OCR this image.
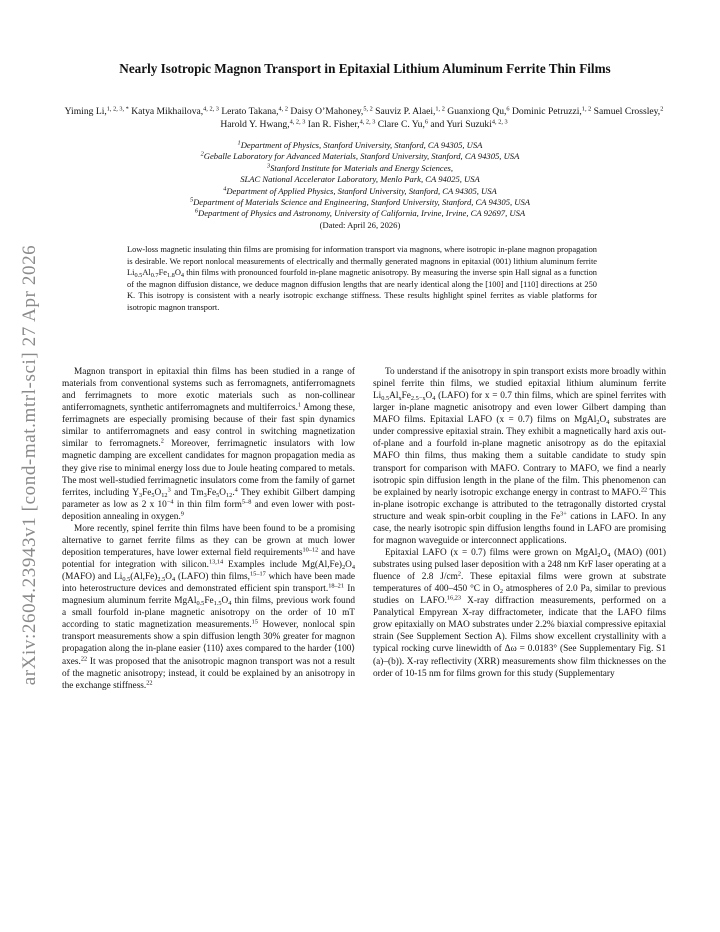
arXiv:2604.23943v1 [cond-mat.mtrl-sci] 27 Apr 2026
Nearly Isotropic Magnon Transport in Epitaxial Lithium Aluminum Ferrite Thin Films
Yiming Li,$^{1, 2, 3, *}$ Katya Mikhailova,$^{4, 2, 3}$ Lerato Takana,$^{4, 2}$ Daisy O’Mahoney,$^{5, 2}$ Sauviz P. Alaei,$^{1, 2}$ Guanxiong Qu,$^6$ Dominic Petruzzi,$^{1, 2}$ Samuel Crossley,$^2$ Harold Y. Hwang,$^{4, 2, 3}$ Ian R. Fisher,$^{4, 2, 3}$ Clare C. Yu,$^6$ and Yuri Suzuki$^{4, 2, 3}$
$^1$Department of Physics, Stanford University, Stanford, CA 94305, USA
$^2$Geballe Laboratory for Advanced Materials, Stanford University, Stanford, CA 94305, USA
$^3$Stanford Institute for Materials and Energy Sciences,
SLAC National Accelerator Laboratory, Menlo Park, CA 94025, USA
$^4$Department of Applied Physics, Stanford University, Stanford, CA 94305, USA
$^5$Department of Materials Science and Engineering, Stanford University, Stanford, CA 94305, USA
$^6$Department of Physics and Astronomy, University of California, Irvine, Irvine, CA 92697, USA
(Dated: April 26, 2026)
Low-loss magnetic insulating thin films are promising for information transport via magnons, where isotropic in-plane magnon propagation is desirable. We report nonlocal measurements of electrically and thermally generated magnons in epitaxial (001) lithium aluminum ferrite $Li_{0.5}Al_{0.7}Fe_{1.8}O_4$ thin films with pronounced fourfold in-plane magnetic anisotropy. By measuring the inverse spin Hall signal as a function of the magnon diffusion distance, we deduce magnon diffusion lengths that are nearly identical along the [100] and [110] directions at 250 K. This isotropy is consistent with a nearly isotropic exchange stiffness. These results highlight spinel ferrites as viable platforms for isotropic magnon transport.

Magnon transport in epitaxial thin films has been studied in a range of materials from conventional systems such as ferromagnets, antiferromagnets and ferrimagnets to more exotic materials such as non-collinear antiferromagnets, synthetic antiferromagnets and multiferroics.$^1$ Among these, ferrimagnets are especially promising because of their fast spin dynamics similar to antiferromagnets and easy control in switching magnetization similar to ferromagnets.$^2$ Moreover, ferrimagnetic insulators with low magnetic damping are excellent candidates for magnon propagation media as they give rise to minimal energy loss due to Joule heating compared to metals. The most well-studied ferrimagnetic insulators come from the family of garnet ferrites, including $Y_3Fe_5O_{12}^3$ and $Tm_3Fe_5O_{12}.^4$ They exhibit Gilbert damping parameter as low as 2 x $10^{-4}$ in thin film form$^{5-8}$ and even lower with post-deposition annealing in oxygen.$^9$

More recently, spinel ferrite thin films have been found to be a promising alternative to garnet ferrite films as they can be grown at much lower deposition temperatures, have lower external field requirements$^{10-12}$ and have potential for integration with silicon.$^{13,14}$ Examples include $Mg(Al,Fe)_2O_4$ (MAFO) and $Li_{0.5}(Al,Fe)_{2.5}O_4$ (LAFO) thin films,$^{15-17}$ which have been made into heterostructure devices and demonstrated efficient spin transport.$^{18-21}$ In magnesium aluminum ferrite $MgAl_{0.5}Fe_{1.5}O_4$ thin films, previous work found a small fourfold in-plane magnetic anisotropy on the order of 10 mT according to static magnetization measurements.$^{15}$ However, nonlocal spin transport measurements show a spin diffusion length 30% greater for magnon propagation along the in-plane easier ⟨110⟩ axes compared to the harder ⟨100⟩ axes.$^{22}$ It was proposed that the anisotropic magnon transport was not a result of the magnetic anisotropy; instead, it could be explained by an anisotropy in the exchange stiffness.$^{22}$

To understand if the anisotropy in spin transport exists more broadly within spinel ferrite thin films, we studied epitaxial lithium aluminum ferrite $Li_{0.5}Al_xFe_{2.5-x}O_4$ (LAFO) for x = 0.7 thin films, which are spinel ferrites with larger in-plane magnetic anisotropy and even lower Gilbert damping than MAFO films. Epitaxial LAFO (x = 0.7) films on $MgAl_2O_4$ substrates are under compressive epitaxial strain. They exhibit a magnetically hard axis out-of-plane and a fourfold in-plane magnetic anisotropy as do the epitaxial MAFO thin films, thus making them a suitable candidate to study spin transport for comparison with MAFO. Contrary to MAFO, we find a nearly isotropic spin diffusion length in the plane of the film. This phenomenon can be explained by nearly isotropic exchange energy in contrast to MAFO.$^{22}$ This in-plane isotropic exchange is attributed to the tetragonally distorted crystal structure and weak spin-orbit coupling in the $Fe^{3+}$ cations in LAFO. In any case, the nearly isotropic spin diffusion lengths found in LAFO are promising for magnon waveguide or interconnect applications.

Epitaxial LAFO (x = 0.7) films were grown on $MgAl_2O_4$ (MAO) (001) substrates using pulsed laser deposition with a 248 nm KrF laser operating at a fluence of 2.8 $J/cm^2$. These epitaxial films were grown at substrate temperatures of 400–450 °C in $O_2$ atmospheres of 2.0 Pa, similar to previous studies on LAFO.$^{16,23}$ X-ray diffraction measurements, performed on a Panalytical Empyrean X-ray diffractometer, indicate that the LAFO films grow epitaxially on MAO substrates under 2.2% biaxial compressive epitaxial strain (See Supplement Section A). Films show excellent crystallinity with a typical rocking curve linewidth of Δω = 0.0183° (See Supplementary Fig. S1 (a)–(b)). X-ray reflectivity (XRR) measurements show film thicknesses on the order of 10-15 nm for films grown for this study (Supplementary
